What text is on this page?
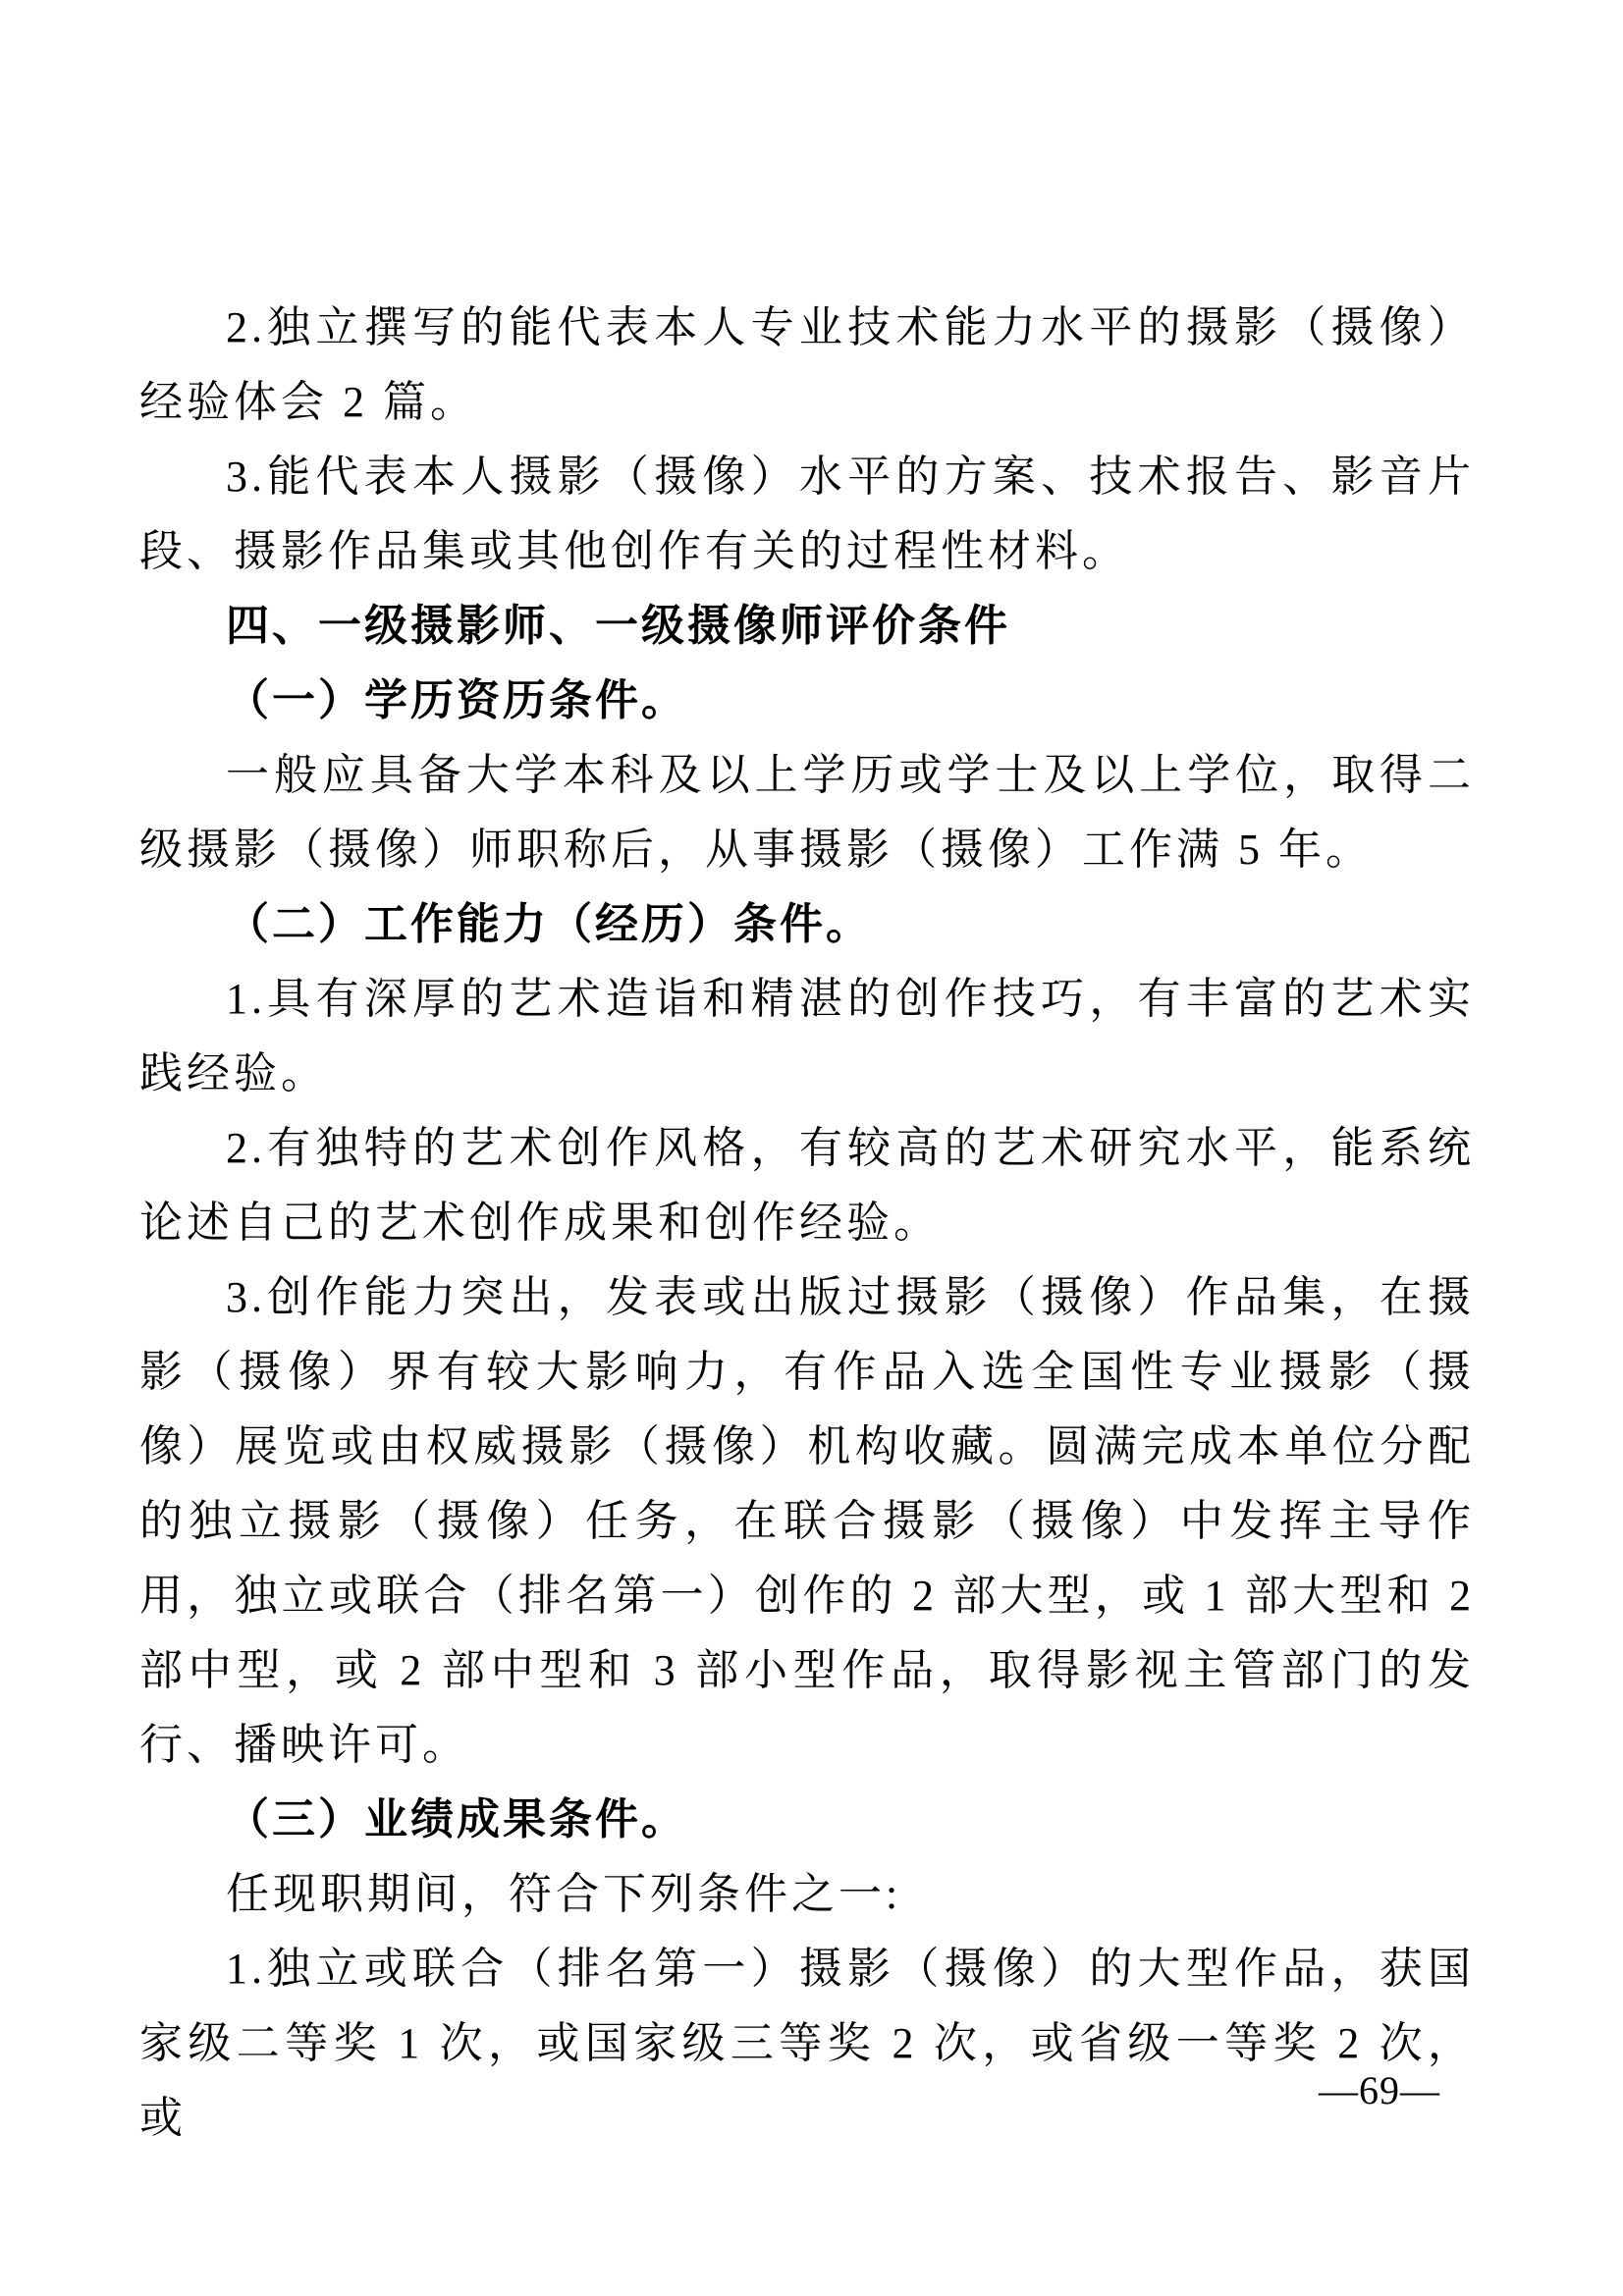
2.独立撰写的能代表本人专业技术能力水平的摄影（摄像）经验体会 2 篇。

3.能代表本人摄影（摄像）水平的方案、技术报告、影音片段、摄影作品集或其他创作有关的过程性材料。

四、一级摄影师、一级摄像师评价条件

（一）学历资历条件。

一般应具备大学本科及以上学历或学士及以上学位，取得二级摄影（摄像）师职称后，从事摄影（摄像）工作满 5 年。

（二）工作能力（经历）条件。

1.具有深厚的艺术造诣和精湛的创作技巧，有丰富的艺术实践经验。

2.有独特的艺术创作风格，有较高的艺术研究水平，能系统论述自己的艺术创作成果和创作经验。

3.创作能力突出，发表或出版过摄影（摄像）作品集，在摄影（摄像）界有较大影响力，有作品入选全国性专业摄影（摄像）展览或由权威摄影（摄像）机构收藏。圆满完成本单位分配的独立摄影（摄像）任务，在联合摄影（摄像）中发挥主导作用，独立或联合（排名第一）创作的 2 部大型，或 1 部大型和 2 部中型，或 2 部中型和 3 部小型作品，取得影视主管部门的发行、播映许可。

（三）业绩成果条件。

任现职期间，符合下列条件之一:

1.独立或联合（排名第一）摄影（摄像）的大型作品，获国家级二等奖 1 次，或国家级三等奖 2 次，或省级一等奖 2 次，或

—69—
